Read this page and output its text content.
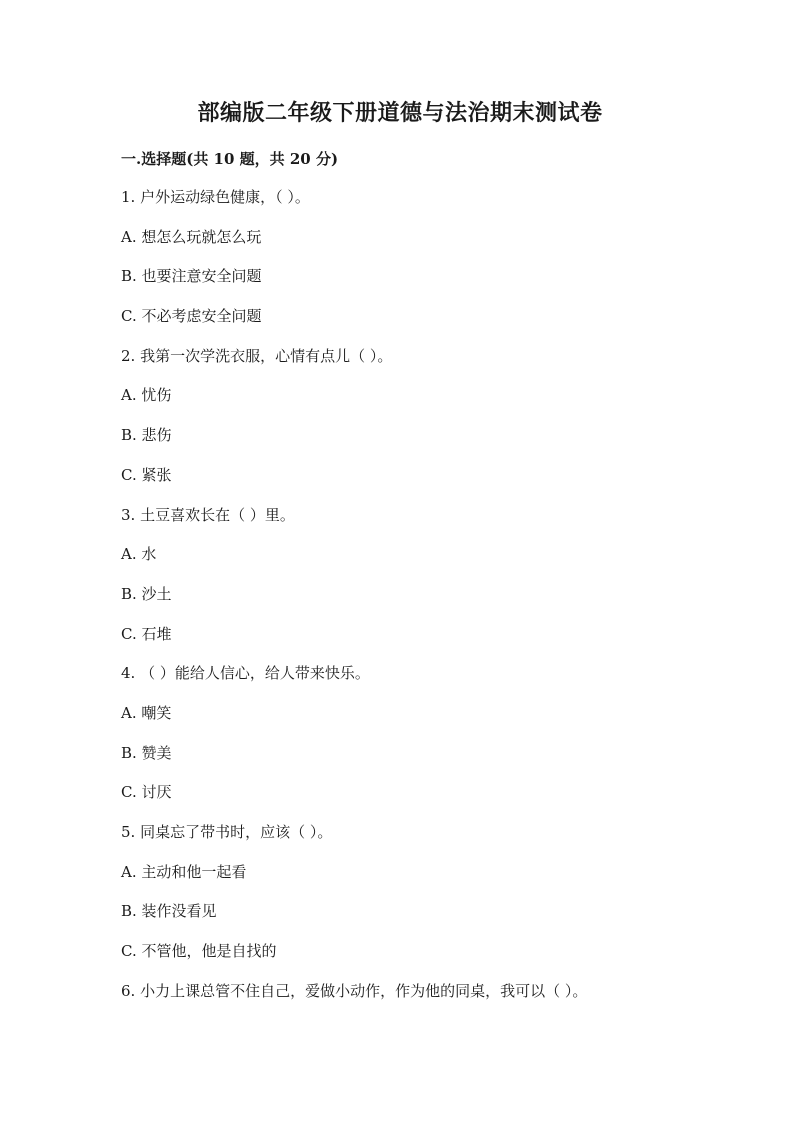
部编版二年级下册道德与法治期末测试卷
一.选择题(共 10 题，共 20 分)
1. 户外运动绿色健康，（ ）。
A. 想怎么玩就怎么玩
B. 也要注意安全问题
C. 不必考虑安全问题
2. 我第一次学洗衣服，心情有点儿（ ）。
A. 忧伤
B. 悲伤
C. 紧张
3. 土豆喜欢长在（ ）里。
A. 水
B. 沙土
C. 石堆
4. （ ）能给人信心，给人带来快乐。
A. 嘲笑
B. 赞美
C. 讨厌
5. 同桌忘了带书时，应该（ ）。
A. 主动和他一起看
B. 装作没看见
C. 不管他，他是自找的
6. 小力上课总管不住自己，爱做小动作，作为他的同桌，我可以（ ）。
